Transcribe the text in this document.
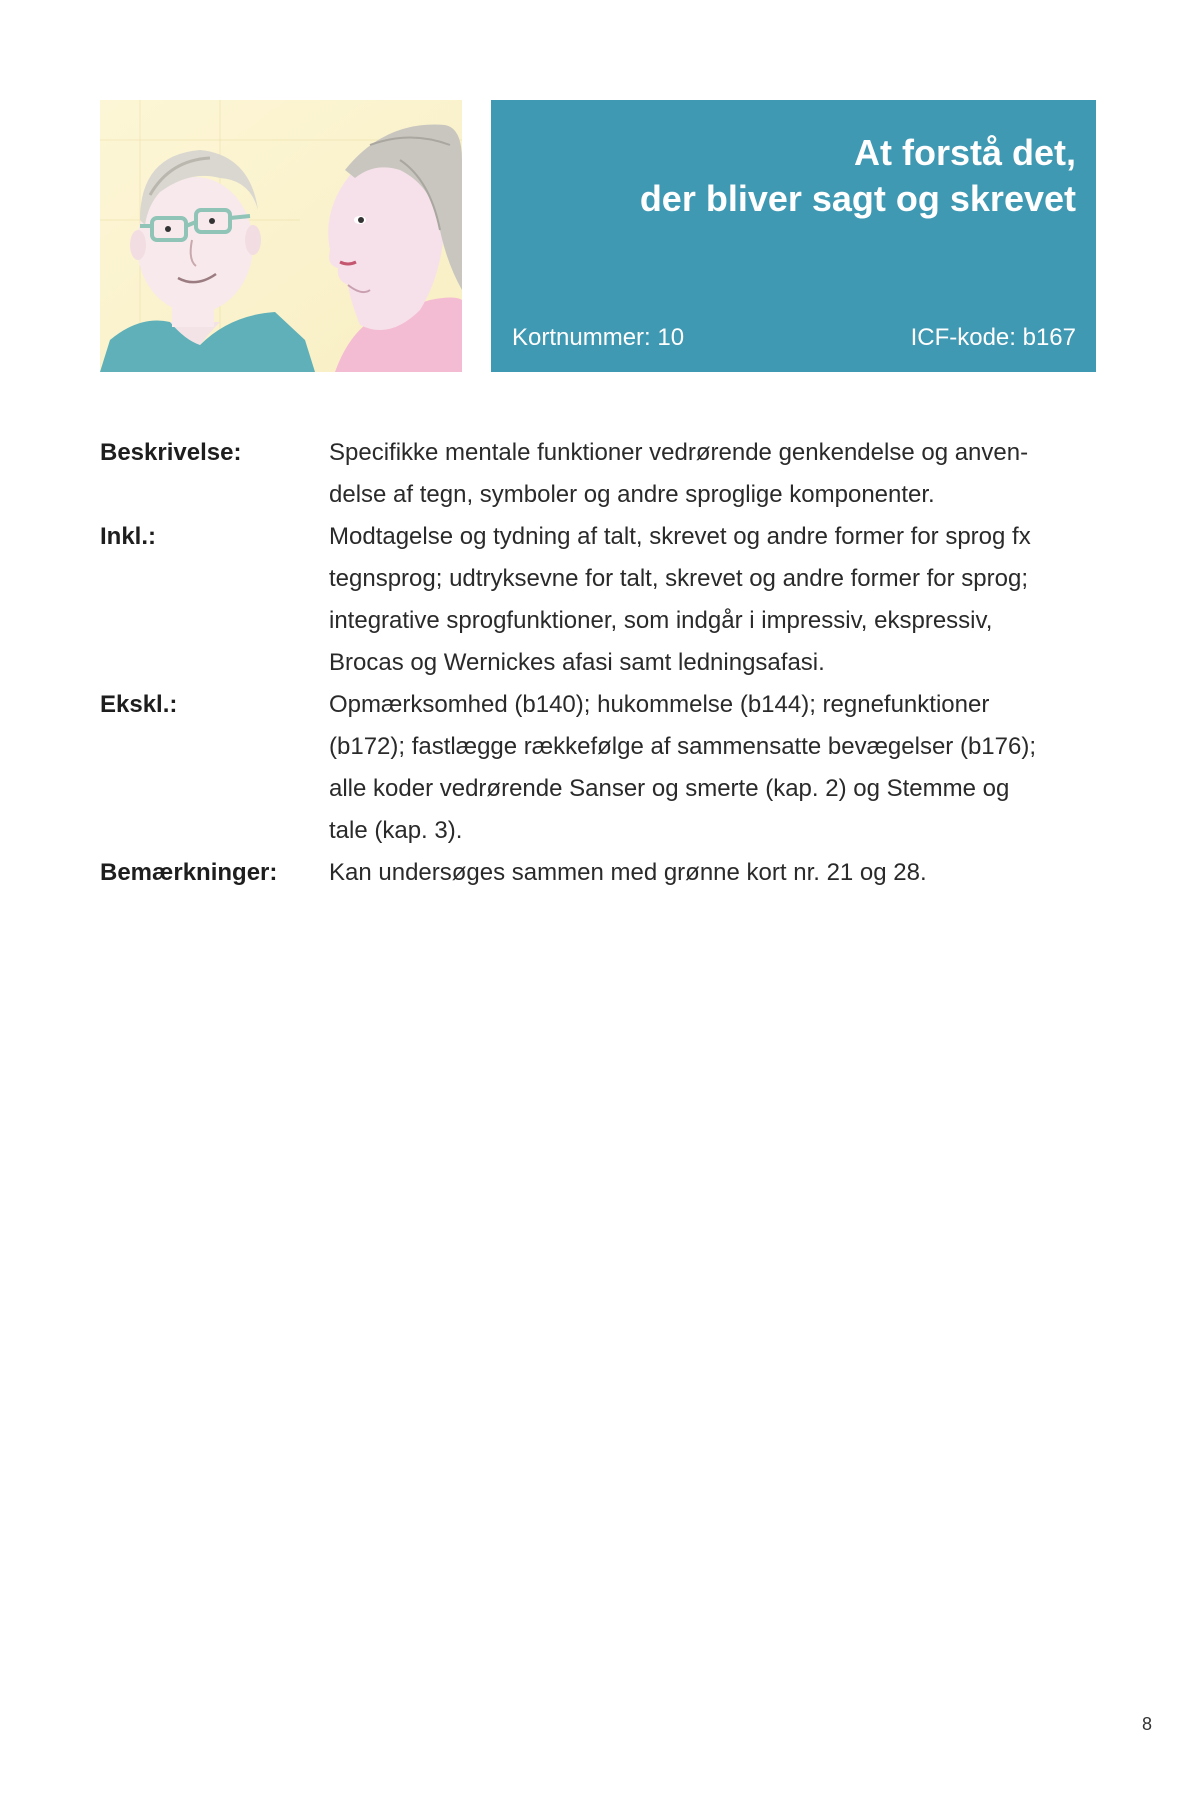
At forstå det,
der bliver sagt og skrevet
Kortnummer: 10	ICF-kode: b167
Beskrivelse:	Specifikke mentale funktioner vedrørende genkendelse og anven-
delse af tegn, symboler og andre sproglige komponenter.
Inkl.:	Modtagelse og tydning af talt, skrevet og andre former for sprog fx
tegnsprog; udtryksevne for talt, skrevet og andre former for sprog;
integrative sprogfunktioner, som indgår i impressiv, ekspressiv,
Brocas og Wernickes afasi samt ledningsafasi.
Ekskl.:	Opmærksomhed (b140); hukommelse (b144); regnefunktioner
(b172); fastlægge rækkefølge af sammensatte bevægelser (b176);
alle koder vedrørende Sanser og smerte (kap. 2) og Stemme og
tale (kap. 3).
Bemærkninger:	Kan undersøges sammen med grønne kort nr. 21 og 28.
8
